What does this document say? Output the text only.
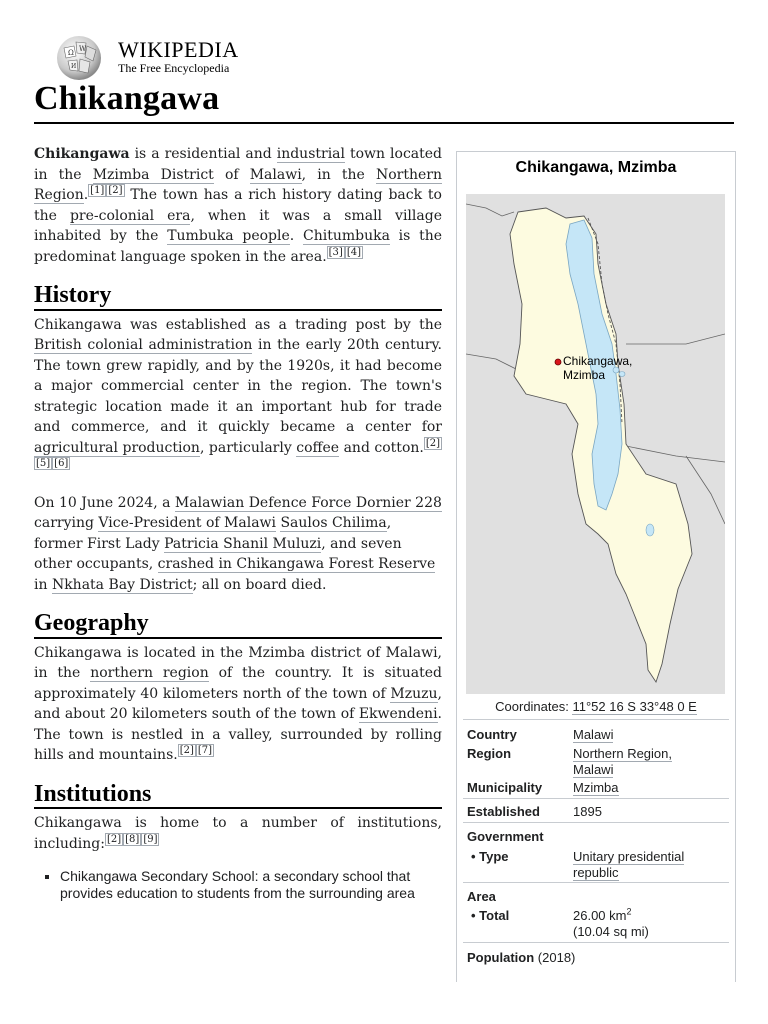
Ω W
И
WIKIPEDIA
The Free Encyclopedia
Chikangawa

Chikangawa is a residential and industrial town located in the Mzimba District of Malawi, in the Northern Region. [1] [2] The town has a rich history dating back to the pre-colonial era, when it was a small village inhabited by the Tumbuka people. Chitumbuka is the predominat language spoken in the area. [3] [4]

History

Chikangawa was established as a trading post by the British colonial administration in the early 20th century. The town grew rapidly, and by the 1920s, it had become a major commercial center in the region. The town's strategic location made it an important hub for trade and commerce, and it quickly became a center for agricultural production, particularly coffee and cotton. [2][5] [6]

On 10 June 2024, a Malawian Defence Force Dornier 228 carrying Vice-President of Malawi Saulos Chilima, former First Lady Patricia Shanil Muluzi, and seven other occupants, crashed in Chikangawa Forest Reserve in Nkhata Bay District; all on board died.

Geography

Chikangawa is located in the Mzimba district of Malawi, in the northern region of the country. It is situated approximately 40 kilometers north of the town of Mzuzu, and about 20 kilometers south of the town of Ekwendeni. The town is nestled in a valley, surrounded by rolling hills and mountains. [2] [7]

Institutions

Chikangawa is home to a number of institutions, including: [2] [8] [9]

▪ Chikangawa Secondary School: a secondary school that provides education to students from the surrounding area
Chikangawa, Mzimba
Chikangawa,
Mzimba
Coordinates: 11°52 16 S 33°48 0 E
Country	Malawi
Region	Northern Region,
Malawi
Municipality Mzimba
Established	1895
Government
• Type	Unitary presidential
republic
Area
• Total	26.00 $km^2$
(10.04 sq mi)
Population (2018)
